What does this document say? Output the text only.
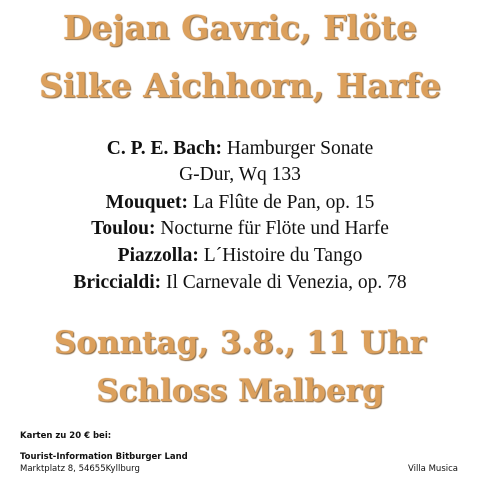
Dejan Gavric, Flöte
Silke Aichhorn, Harfe
C. P. E. Bach: Hamburger Sonate
G-Dur, Wq 133
Mouquet: La Flûte de Pan, op. 15
Toulou: Nocturne für Flöte und Harfe
Piazzolla: L´Histoire du Tango
Briccialdi: Il Carnevale di Venezia, op. 78
Sonntag, 3.8., 11 Uhr
Schloss Malberg
Karten zu 20 € bei:
Tourist-Information Bitburger Land
Marktplatz 8, 54655Kyllburg	Villa Musica
